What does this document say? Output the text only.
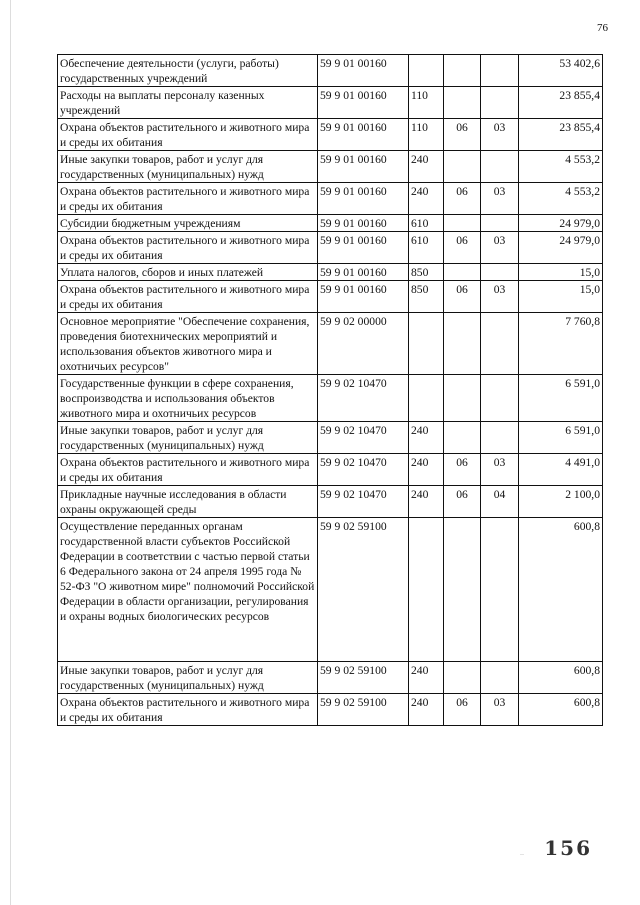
76
Обеспечение деятельности (услуги, работы) государственных учреждений	59 9 01 00160				53 402,6
Расходы на выплаты персоналу казенных учреждений	59 9 01 00160	110			23 855,4
Охрана объектов растительного и животного мира и среды их обитания	59 9 01 00160	110	06	03	23 855,4
Иные закупки товаров, работ и услуг для государственных (муниципальных) нужд	59 9 01 00160	240			4 553,2
Охрана объектов растительного и животного мира и среды их обитания	59 9 01 00160	240	06	03	4 553,2
Субсидии бюджетным учреждениям	59 9 01 00160	610			24 979,0
Охрана объектов растительного и животного мира и среды их обитания	59 9 01 00160	610	06	03	24 979,0
Уплата налогов, сборов и иных платежей	59 9 01 00160	850			15,0
Охрана объектов растительного и животного мира и среды их обитания	59 9 01 00160	850	06	03	15,0
Основное мероприятие "Обеспечение сохранения, проведения биотехнических мероприятий и использования объектов животного мира и охотничьих ресурсов"	59 9 02 00000				7 760,8
Государственные функции в сфере сохранения, воспроизводства и использования объектов животного мира и охотничьих ресурсов	59 9 02 10470				6 591,0
Иные закупки товаров, работ и услуг для государственных (муниципальных) нужд	59 9 02 10470	240			6 591,0
Охрана объектов растительного и животного мира и среды их обитания	59 9 02 10470	240	06	03	4 491,0
Прикладные научные исследования в области охраны окружающей среды	59 9 02 10470	240	06	04	2 100,0
Осуществление переданных органам государственной власти субъектов Российской Федерации в соответствии с частью первой статьи 6 Федерального закона от 24 апреля 1995 года № 52-ФЗ "О животном мире" полномочий Российской Федерации в области организации, регулирования и охраны водных биологических ресурсов	59 9 02 59100				600,8
Иные закупки товаров, работ и услуг для государственных (муниципальных) нужд	59 9 02 59100	240			600,8
Охрана объектов растительного и животного мира и среды их обитания	59 9 02 59100	240	06	03	600,8
.. 156
